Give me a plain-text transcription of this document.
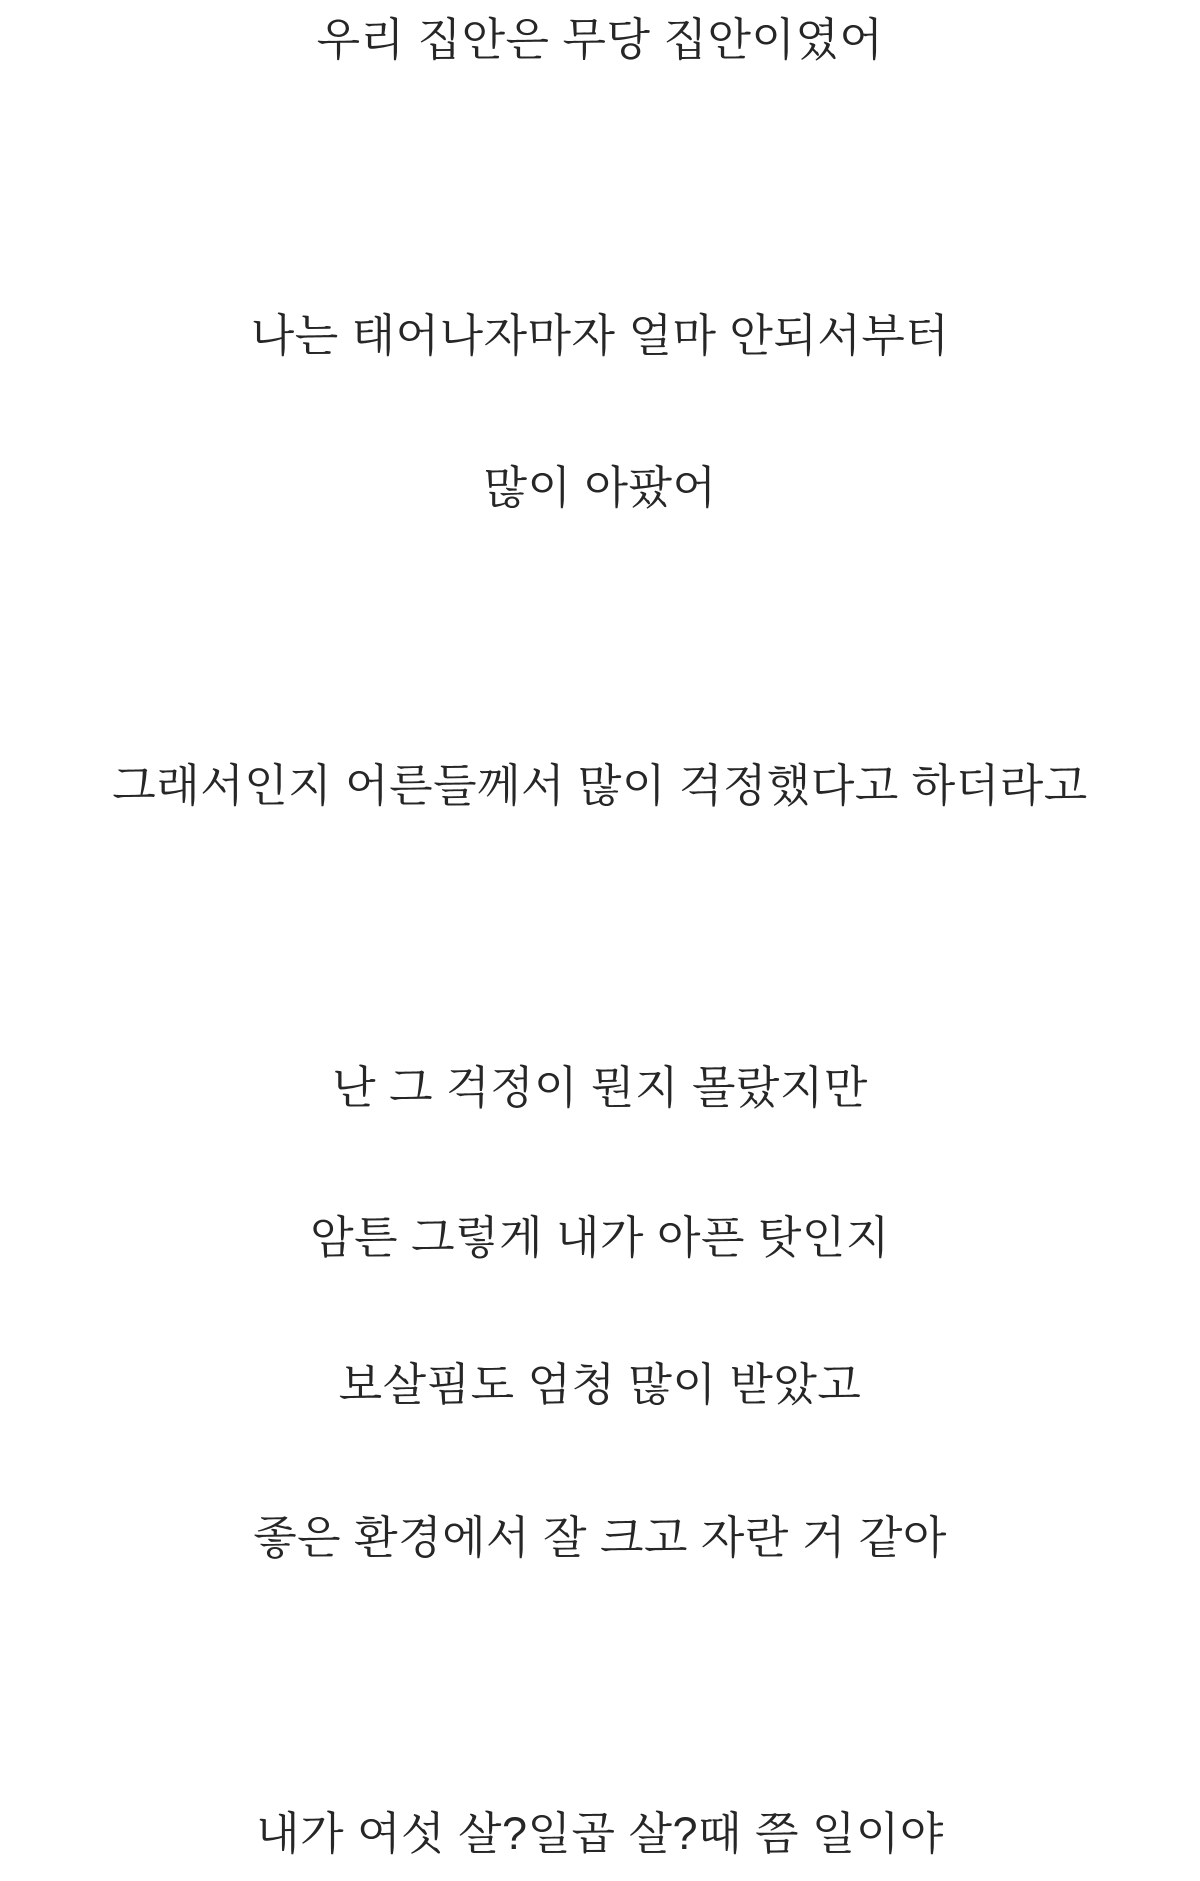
우리 집안은 무당 집안이였어
나는 태어나자마자 얼마 안되서부터
많이 아팠어
그래서인지 어른들께서 많이 걱정했다고 하더라고
난 그 걱정이 뭔지 몰랐지만
암튼 그렇게 내가 아픈 탓인지
보살핌도 엄청 많이 받았고
좋은 환경에서 잘 크고 자란 거 같아
내가 여섯 살?일곱 살?때 쯤 일이야
